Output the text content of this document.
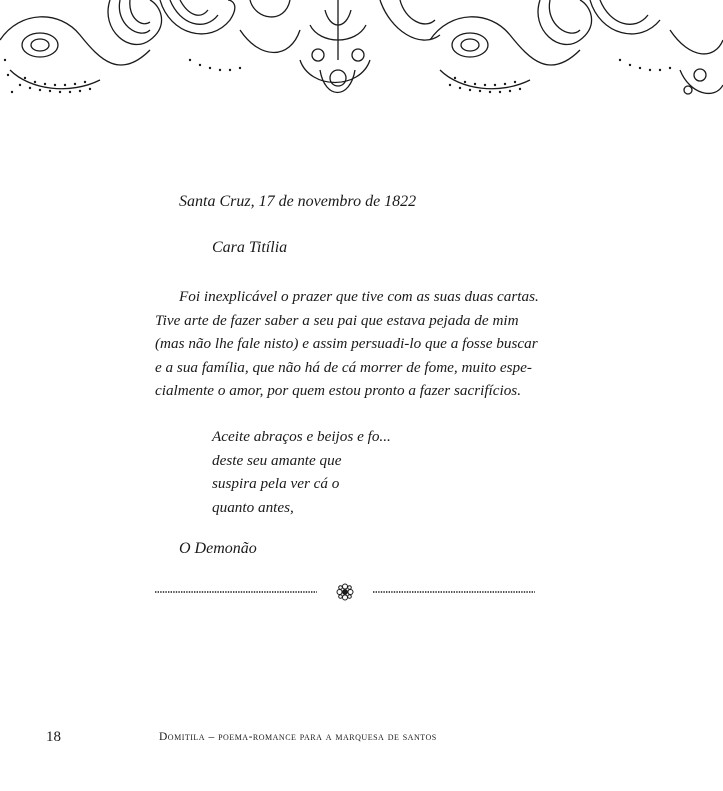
Santa Cruz, 17 de novembro de 1822
Cara Titília

Foi inexplicável o prazer que tive com as suas duas cartas.
Tive arte de fazer saber a seu pai que estava pejada de mim
(mas não lhe fale nisto) e assim persuadi-lo que a fosse buscar
e a sua família, que não há de cá morrer de fome, muito espe-
cialmente o amor, por quem estou pronto a fazer sacrifícios.

Aceite abraços e beijos e fo...
deste seu amante que
suspira pela ver cá o
quanto antes,
O Demonão
18	Domitila – poema-romance para a marquesa de santos
